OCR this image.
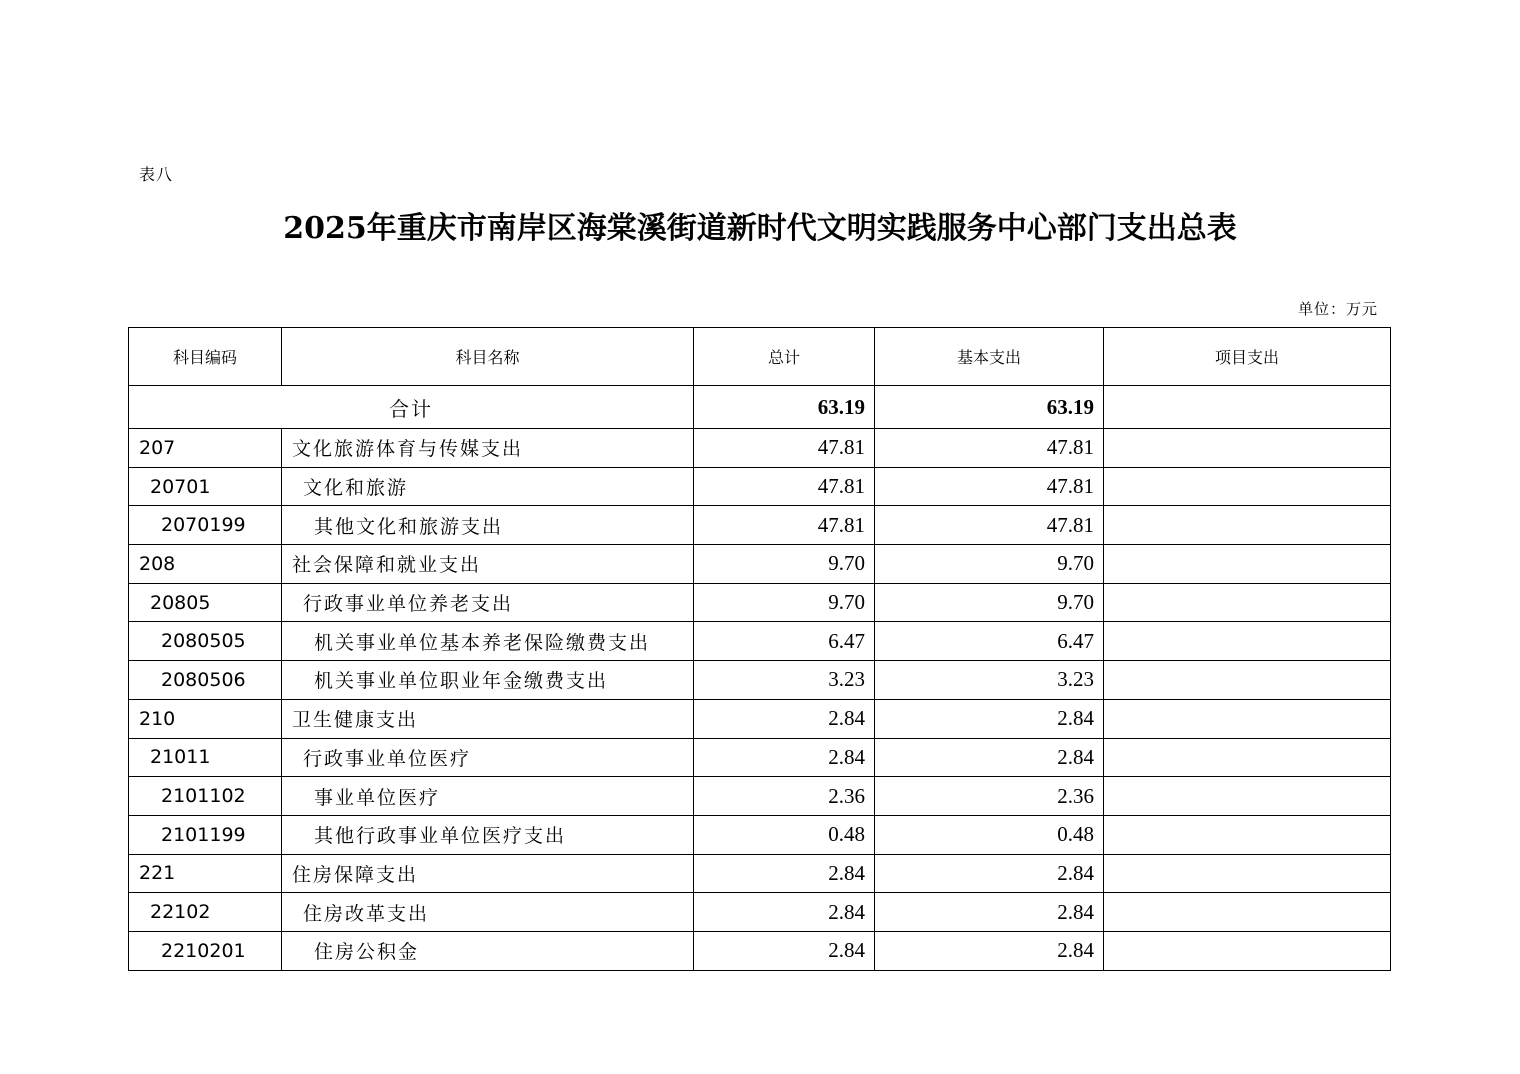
表八
2025年重庆市南岸区海棠溪街道新时代文明实践服务中心部门支出总表
单位：万元
科目编码	科目名称	总计	基本支出	项目支出
合计		63.19	63.19	
207	文化旅游体育与传媒支出	47.81	47.81	
20701	文化和旅游	47.81	47.81	
2070199	其他文化和旅游支出	47.81	47.81	
208	社会保障和就业支出	9.70	9.70	
20805	行政事业单位养老支出	9.70	9.70	
2080505	机关事业单位基本养老保险缴费支出	6.47	6.47	
2080506	机关事业单位职业年金缴费支出	3.23	3.23	
210	卫生健康支出	2.84	2.84	
21011	行政事业单位医疗	2.84	2.84	
2101102	事业单位医疗	2.36	2.36	
2101199	其他行政事业单位医疗支出	0.48	0.48	
221	住房保障支出	2.84	2.84	
22102	住房改革支出	2.84	2.84	
2210201	住房公积金	2.84	2.84	
